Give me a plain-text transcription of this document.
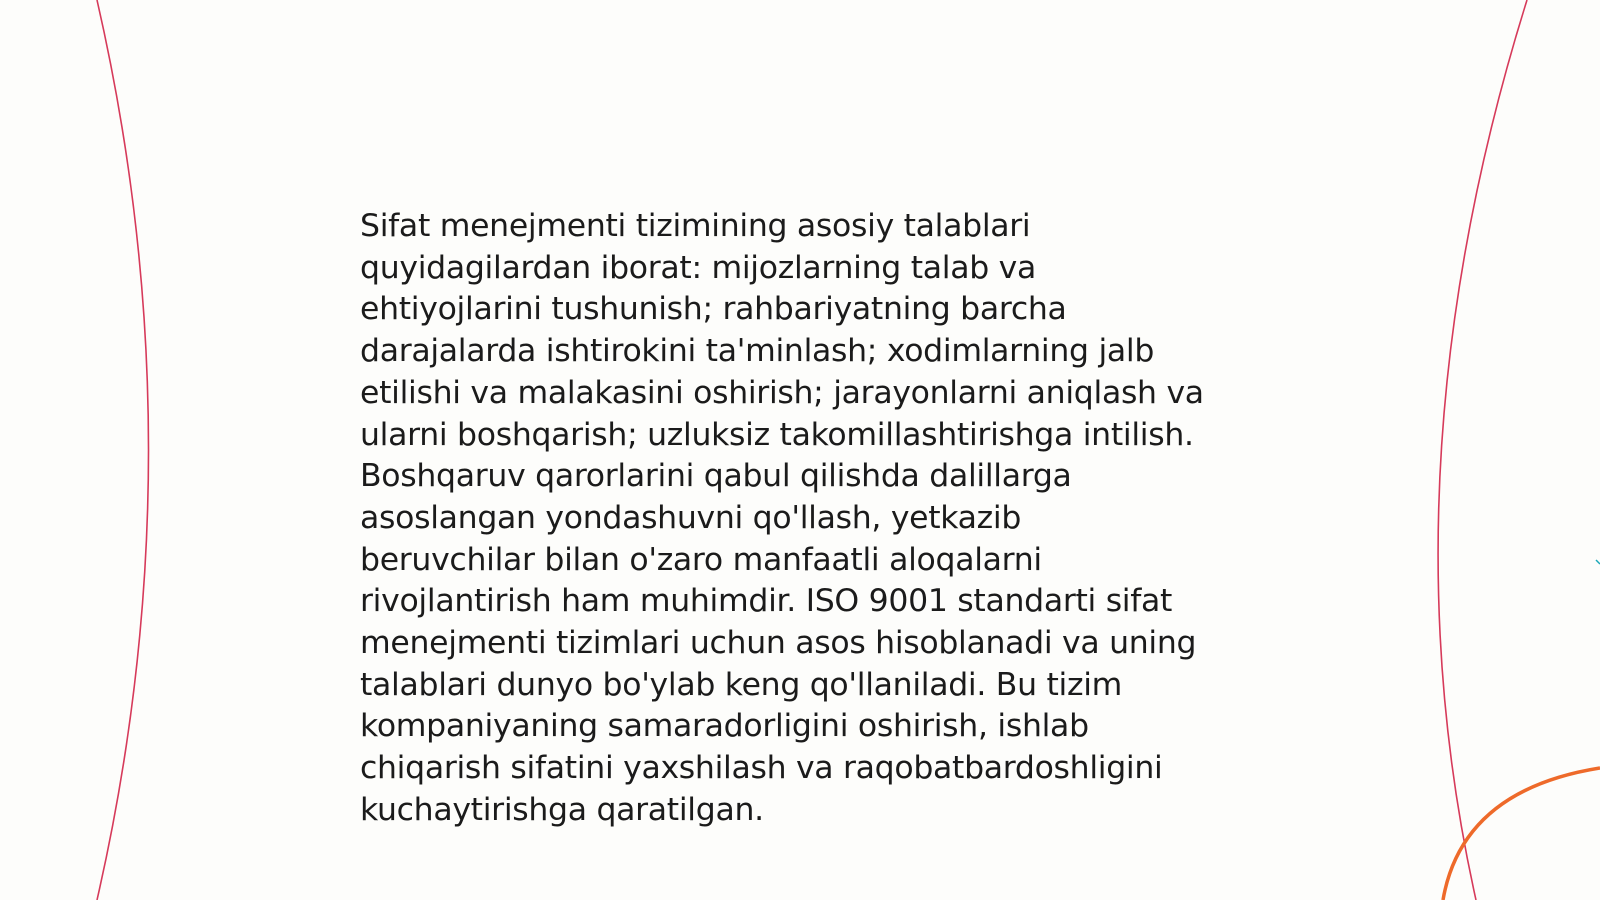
Sifat menejmenti tizimining asosiy talablari
quyidagilardan iborat: mijozlarning talab va
ehtiyojlarini tushunish; rahbariyatning barcha
darajalarda ishtirokini ta'minlash; xodimlarning jalb
etilishi va malakasini oshirish; jarayonlarni aniqlash va
ularni boshqarish; uzluksiz takomillashtirishga intilish.
Boshqaruv qarorlarini qabul qilishda dalillarga
asoslangan yondashuvni qo'llash, yetkazib
beruvchilar bilan o'zaro manfaatli aloqalarni
rivojlantirish ham muhimdir. ISO 9001 standarti sifat
menejmenti tizimlari uchun asos hisoblanadi va uning
talablari dunyo bo'ylab keng qo'llaniladi. Bu tizim
kompaniyaning samaradorligini oshirish, ishlab
chiqarish sifatini yaxshilash va raqobatbardoshligini
kuchaytirishga qaratilgan.
